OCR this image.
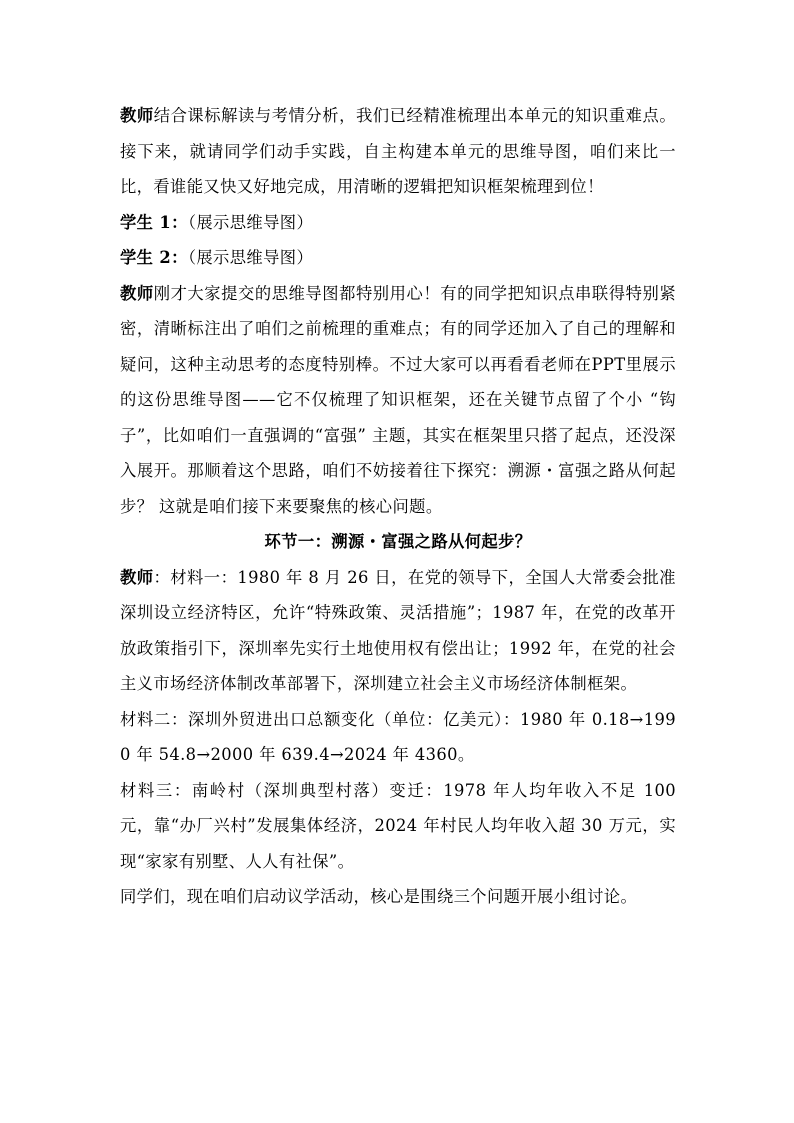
教师结合课标解读与考情分析，我们已经精准梳理出本单元的知识重难点。接下来，就请同学们动手实践，自主构建本单元的思维导图，咱们来比一比，看谁能又快又好地完成，用清晰的逻辑把知识框架梳理到位！

学生 1：（展示思维导图）

学生 2：（展示思维导图）

教师刚才大家提交的思维导图都特别用心！有的同学把知识点串联得特别紧密，清晰标注出了咱们之前梳理的重难点；有的同学还加入了自己的理解和疑问，这种主动思考的态度特别棒。不过大家可以再看看老师在PPT里展示的这份思维导图——它不仅梳理了知识框架，还在关键节点留了个小 “钩子”，比如咱们一直强调的“富强” 主题，其实在框架里只搭了起点，还没深入展开。那顺着这个思路，咱们不妨接着往下探究：溯源・富强之路从何起步？ 这就是咱们接下来要聚焦的核心问题。

环节一：溯源・富强之路从何起步？

教师：材料一：1980 年 8 月 26 日，在党的领导下，全国人大常委会批准深圳设立经济特区，允许“特殊政策、灵活措施”；1987 年，在党的改革开放政策指引下，深圳率先实行土地使用权有偿出让；1992 年，在党的社会主义市场经济体制改革部署下，深圳建立社会主义市场经济体制框架。

材料二：深圳外贸进出口总额变化（单位：亿美元）：1980 年 0.18→1990 年 54.8→2000 年 639.4→2024 年 4360。

材料三：南岭村（深圳典型村落）变迁：1978 年人均年收入不足 100 元，靠“办厂兴村”发展集体经济，2024 年村民人均年收入超 30 万元，实现“家家有别墅、人人有社保”。

同学们，现在咱们启动议学活动，核心是围绕三个问题开展小组讨论。
